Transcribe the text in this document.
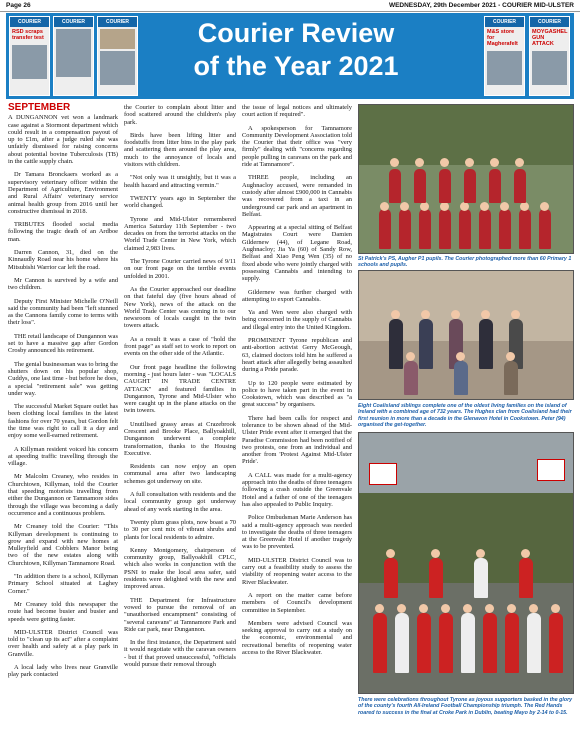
Page 26	WEDNESDAY, 29th December 2021 - COURIER MID-ULSTER
COURIER
RSD scraps transfer test
COURIER	COURIER	Courier Review
of the Year 2021
COURIER
M&S store for Magherafelt
COURIER
MOYGASHEL GUN ATTACK
SEPTEMBER

A DUNGANNON vet won a landmark case against a Stormont department which could result in a compensation payout of up to £1m, after a judge ruled she was unfairly dismissed for raising concerns about potential bovine Tuberculosis (TB) in the cattle supply chain.

Dr Tamara Bronckaers worked as a supervisory veterinary officer within the Department of Agriculture, Environment and Rural Affairs' veterinary service animal health group from 2016 until her constructive dismissal in 2018.

TRIBUTES flooded social media following the tragic death of an Ardboe man.

Darren Cannon, 31, died on the Kinnaudly Road near his home where his Mitsubishi Warrior car left the road.

Mr Cannon is survived by a wife and two children.

Deputy First Minister Michelle O'Neill said the community had been "left stunned as the Cannons family come to terms with their loss".

THE retail landscape of Dungannon was set to have a massive gap after Gordon Crosby announced his retirement.

The genial businessman was to bring the shutters down on his popular shop, Cuddys, one last time - but before he does, a special "retirement sale" was getting under way.

The successful Market Square outlet has been clothing local families in the latest fashions for over 70 years, but Gordon felt the time was right to call it a day and enjoy some well-earned retirement.

A Killyman resident voiced his concern at speeding traffic travelling through the village.

Mr Malcolm Creaney, who resides in Churchtown, Killyman, told the Courier that speeding motorists travelling from either the Dungannon or Tamnamore sides through the village was becoming a daily occurrence and a continuous problem.

Mr Creaney told the Courier: "This Killyman development is continuing to grow and expand with new homes at Mulleyfield and Cobblers Manor being two of the new estates along with Churchtown, Killyman Tamnamore Road.

"In addition there is a school, Killyman Primary School situated at Laghey Corner."

Mr Creaney told this newspaper the route had become busier and busier and speeds were getting faster.

MID-ULSTER District Council was told to "clean up its act" after a complaint over health and safety at a play park in Granville.

A local lady who lives near Granville play park contacted

the Courier to complain about litter and food scattered around the children's play park.

Birds have been lifting litter and foodstuffs from litter bins in the play park and scattering them around the play area, much to the annoyance of locals and visitors with children.

"Not only was it unsightly, but it was a health hazard and attracting vermin."

TWENTY years ago in September the world changed.

Tyrone and Mid-Ulster remembered America Saturday 11th September - two decades on from the terrorist attacks on the World Trade Center in New York, which claimed 2,983 lives.

The Tyrone Courier carried news of 9/11 on our front page on the terrible events unfolded in 2001.

As the Courier approached our deadline on that fateful day (five hours ahead of New York), news of the attack on the World Trade Center was coming in to our newsroom of locals caught in the twin towers attack.

As a result it was a case of "hold the front page" as staff set to work to report on events on the other side of the Atlantic.

Our front page headline the following morning - just hours later - was "LOCALS CAUGHT IN TRADE CENTRE ATTACK" and featured families in Dungannon, Tyrone and Mid-Ulster who were caught up in the plane attacks on the twin towers.

Unutilised grassy areas at Crazebrook Crescent and Brooke Place, Ballyoakhill, Dungannon underwent a complete transformation, thanks to the Housing Executive.

Residents can now enjoy an open communal area after two landscaping schemes got underway on site.

A full consultation with residents and the local community group got underway ahead of any work starting in the area.

Twenty plum grass plots, now boast a 70 to 30 per cent mix of vibrant shrubs and plants for local residents to admire.

Kenny Montgomery, chairperson of community group, Ballyoakhill CPLC, which also works in conjunction with the PSNI to make the local area safer, said residents were delighted with the new and improved areas.

THE Department for Infrastructure vowed to pursue the removal of an "unauthorised encampment" consisting of "several caravans" at Tamnamore Park and Ride car park, near Dungannon.

In the first instance, the Department said it would negotiate with the caravan owners - but if that proved unsuccessful, "officials would pursue their removal through

the issue of legal notices and ultimately court action if required".

A spokesperson for Tamnamore Community Development Association told the Courier that their office was "very firmly" dealing with "concerns regarding people pulling in caravans on the park and ride at Tamnamore".

THREE people, including an Aughnacloy accused, were remanded in custody after almost £900,000 in Cannabis was recovered from a taxi in an underground car park and an apartment in Belfast.

Appearing at a special sitting of Belfast Magistrates Court were Damien Gildernew (44), of Legane Road, Aughnacloy; Jia Ya (60) of Sandy Row, Belfast and Xiao Peng Wen (35) of no fixed abode who were jointly charged with possessing Cannabis and intending to supply.

Gildernew was further charged with attempting to export Cannabis.

Ya and Wen were also charged with being concerned in the supply of Cannabis and illegal entry into the United Kingdom.

PROMINENT Tyrone republican and anti-abortion activist Gerry McGeough, 63, claimed doctors told him he suffered a heart attack after allegedly being assaulted during a Pride parade.

Up to 120 people were estimated by police to have taken part in the event in Cookstown, which was described as "a great success" by organisers.

There had been calls for respect and tolerance to be shown ahead of the Mid-Ulster Pride event after it emerged that the Paradise Commission had been notified of two protests, one from an individual and another from 'Protest Against Mid-Ulster Pride'.

A CALL was made for a multi-agency approach into the deaths of three teenagers following a crash outside the Greenvale Hotel and a father of one of the teenagers has also appealed to Public Inquiry.

Police Ombudsman Marie Anderson has said a multi-agency approach was needed to investigate the deaths of three teenagers at the Greenvale Hotel if another tragedy was to be prevented.

MID-ULSTER District Council was to carry out a feasibility study to assess the viability of reopening water access to the River Blackwater.

A report on the matter came before members of Council's development committee in September.

Members were advised Council was seeking approval to carry out a study on the economic, environmental and recreational benefits of reopening water access to the River Blackwater.

St Patrick's PS, Augher P1 pupils. The Courier photographed more than 60 Primary 1 schools and pupils.
Eight Coalisland siblings complete one of the oldest living families on the island of Ireland with a combined age of 732 years. The Hughes clan from Coalisland had their first reunion in more than a decade in the Glenavon Hotel in Cookstown. Peter (94) organised the get-together.
There were celebrations throughout Tyrone as joyous supporters basked in the glory of the county's fourth All-Ireland Football Championship triumph. The Red Hands roared to success in the final at Croke Park in Dublin, beating Mayo by 2-14 to 0-15.
